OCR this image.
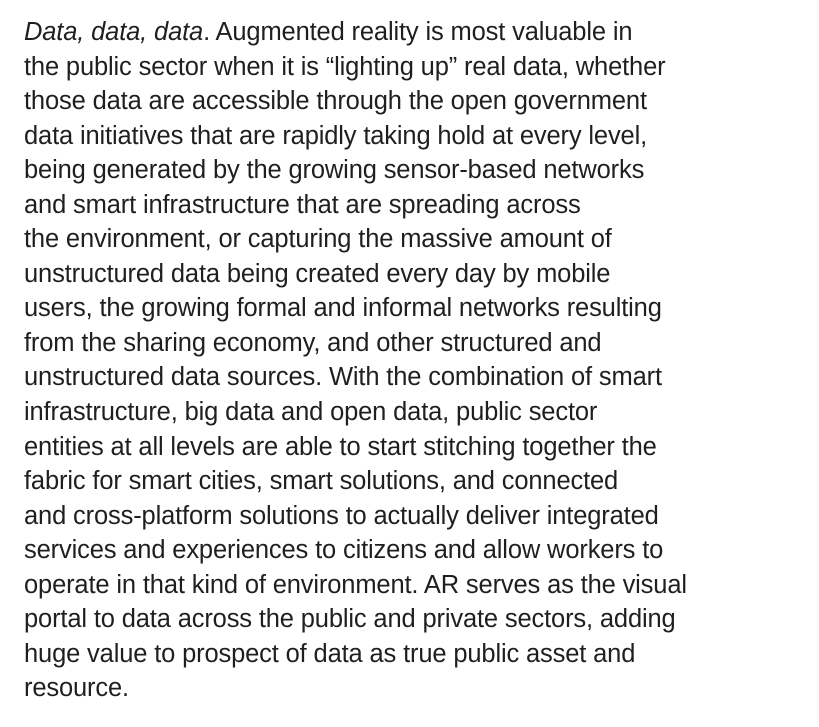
Data, data, data. Augmented reality is most valuable in
the public sector when it is “lighting up” real data, whether
those data are accessible through the open government
data initiatives that are rapidly taking hold at every level,
being generated by the growing sensor-based networks
and smart infrastructure that are spreading across
the environment, or capturing the massive amount of
unstructured data being created every day by mobile
users, the growing formal and informal networks resulting
from the sharing economy, and other structured and
unstructured data sources. With the combination of smart
infrastructure, big data and open data, public sector
entities at all levels are able to start stitching together the
fabric for smart cities, smart solutions, and connected
and cross-platform solutions to actually deliver integrated
services and experiences to citizens and allow workers to
operate in that kind of environment. AR serves as the visual
portal to data across the public and private sectors, adding
huge value to prospect of data as true public asset and
resource.
